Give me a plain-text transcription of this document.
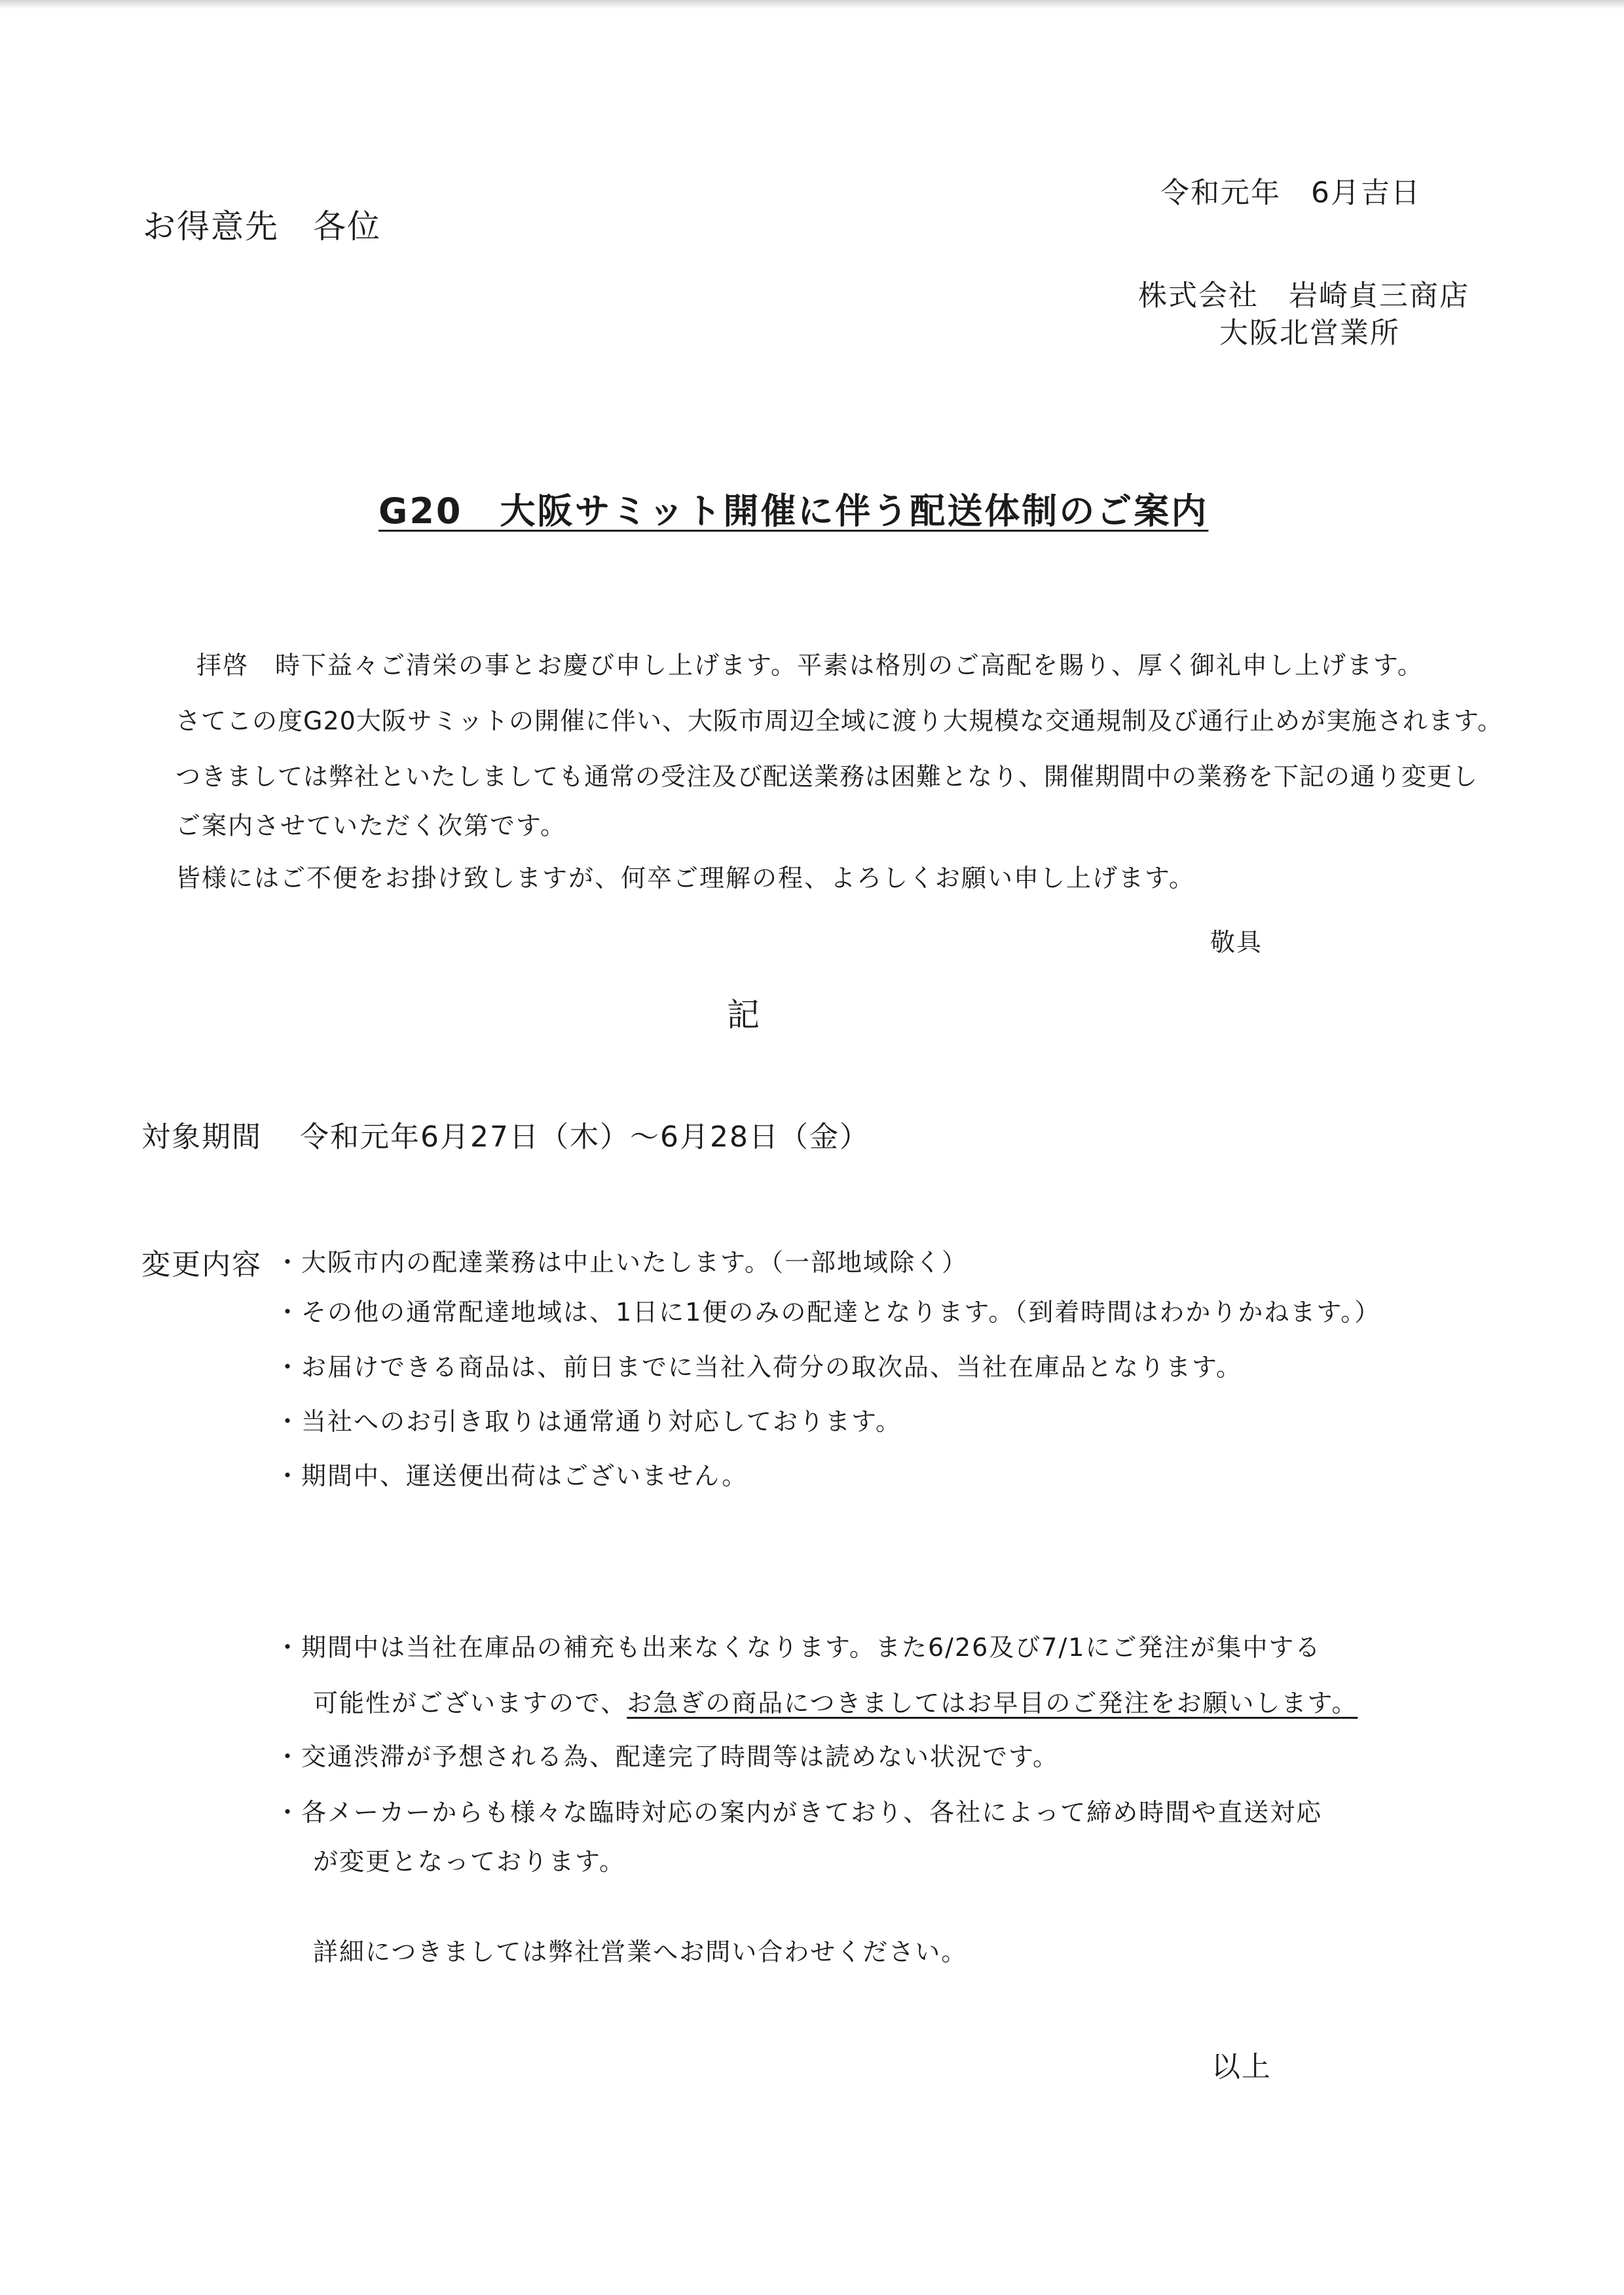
令和元年　6月吉日
お得意先　各位
株式会社　岩崎貞三商店
大阪北営業所
G20　大阪サミット開催に伴う配送体制のご案内
拝啓　時下益々ご清栄の事とお慶び申し上げます。平素は格別のご高配を賜り、厚く御礼申し上げます。
さてこの度G20大阪サミットの開催に伴い、大阪市周辺全域に渡り大規模な交通規制及び通行止めが実施されます。
つきましては弊社といたしましても通常の受注及び配送業務は困難となり、開催期間中の業務を下記の通り変更し
ご案内させていただく次第です。
皆様にはご不便をお掛け致しますが、何卒ご理解の程、よろしくお願い申し上げます。
敬具
記
対象期間 令和元年6月27日（木）～6月28日（金）
変更内容 ・大阪市内の配達業務は中止いたします。（一部地域除く）
・その他の通常配達地域は、1日に1便のみの配達となります。（到着時間はわかりかねます。）
・お届けできる商品は、前日までに当社入荷分の取次品、当社在庫品となります。
・当社へのお引き取りは通常通り対応しております。
・期間中、運送便出荷はございません。
・期間中は当社在庫品の補充も出来なくなります。また6/26及び7/1にご発注が集中する
可能性がございますので、お急ぎの商品につきましてはお早目のご発注をお願いします。
・交通渋滞が予想される為、配達完了時間等は読めない状況です。
・各メーカーからも様々な臨時対応の案内がきており、各社によって締め時間や直送対応
が変更となっております。
詳細につきましては弊社営業へお問い合わせください。
以上
